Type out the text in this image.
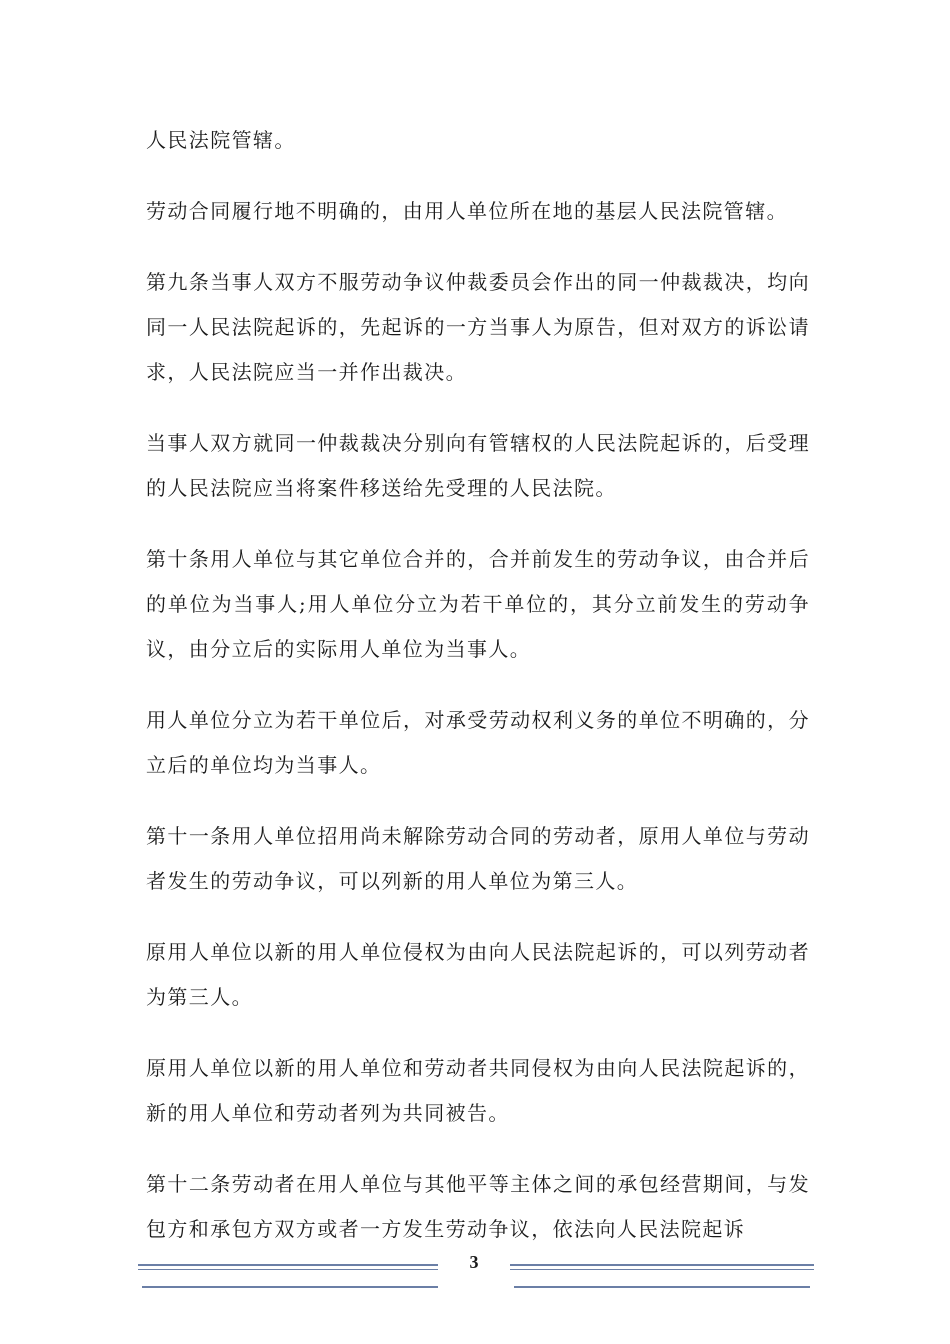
人民法院管辖。

劳动合同履行地不明确的，由用人单位所在地的基层人民法院管辖。

第九条当事人双方不服劳动争议仲裁委员会作出的同一仲裁裁决，均向同一人民法院起诉的，先起诉的一方当事人为原告，但对双方的诉讼请求，人民法院应当一并作出裁决。

当事人双方就同一仲裁裁决分别向有管辖权的人民法院起诉的，后受理的人民法院应当将案件移送给先受理的人民法院。

第十条用人单位与其它单位合并的，合并前发生的劳动争议，由合并后的单位为当事人;用人单位分立为若干单位的，其分立前发生的劳动争议，由分立后的实际用人单位为当事人。

用人单位分立为若干单位后，对承受劳动权利义务的单位不明确的，分立后的单位均为当事人。

第十一条用人单位招用尚未解除劳动合同的劳动者，原用人单位与劳动者发生的劳动争议，可以列新的用人单位为第三人。

原用人单位以新的用人单位侵权为由向人民法院起诉的，可以列劳动者为第三人。

原用人单位以新的用人单位和劳动者共同侵权为由向人民法院起诉的，新的用人单位和劳动者列为共同被告。

第十二条劳动者在用人单位与其他平等主体之间的承包经营期间，与发包方和承包方双方或者一方发生劳动争议，依法向人民法院起诉

3
